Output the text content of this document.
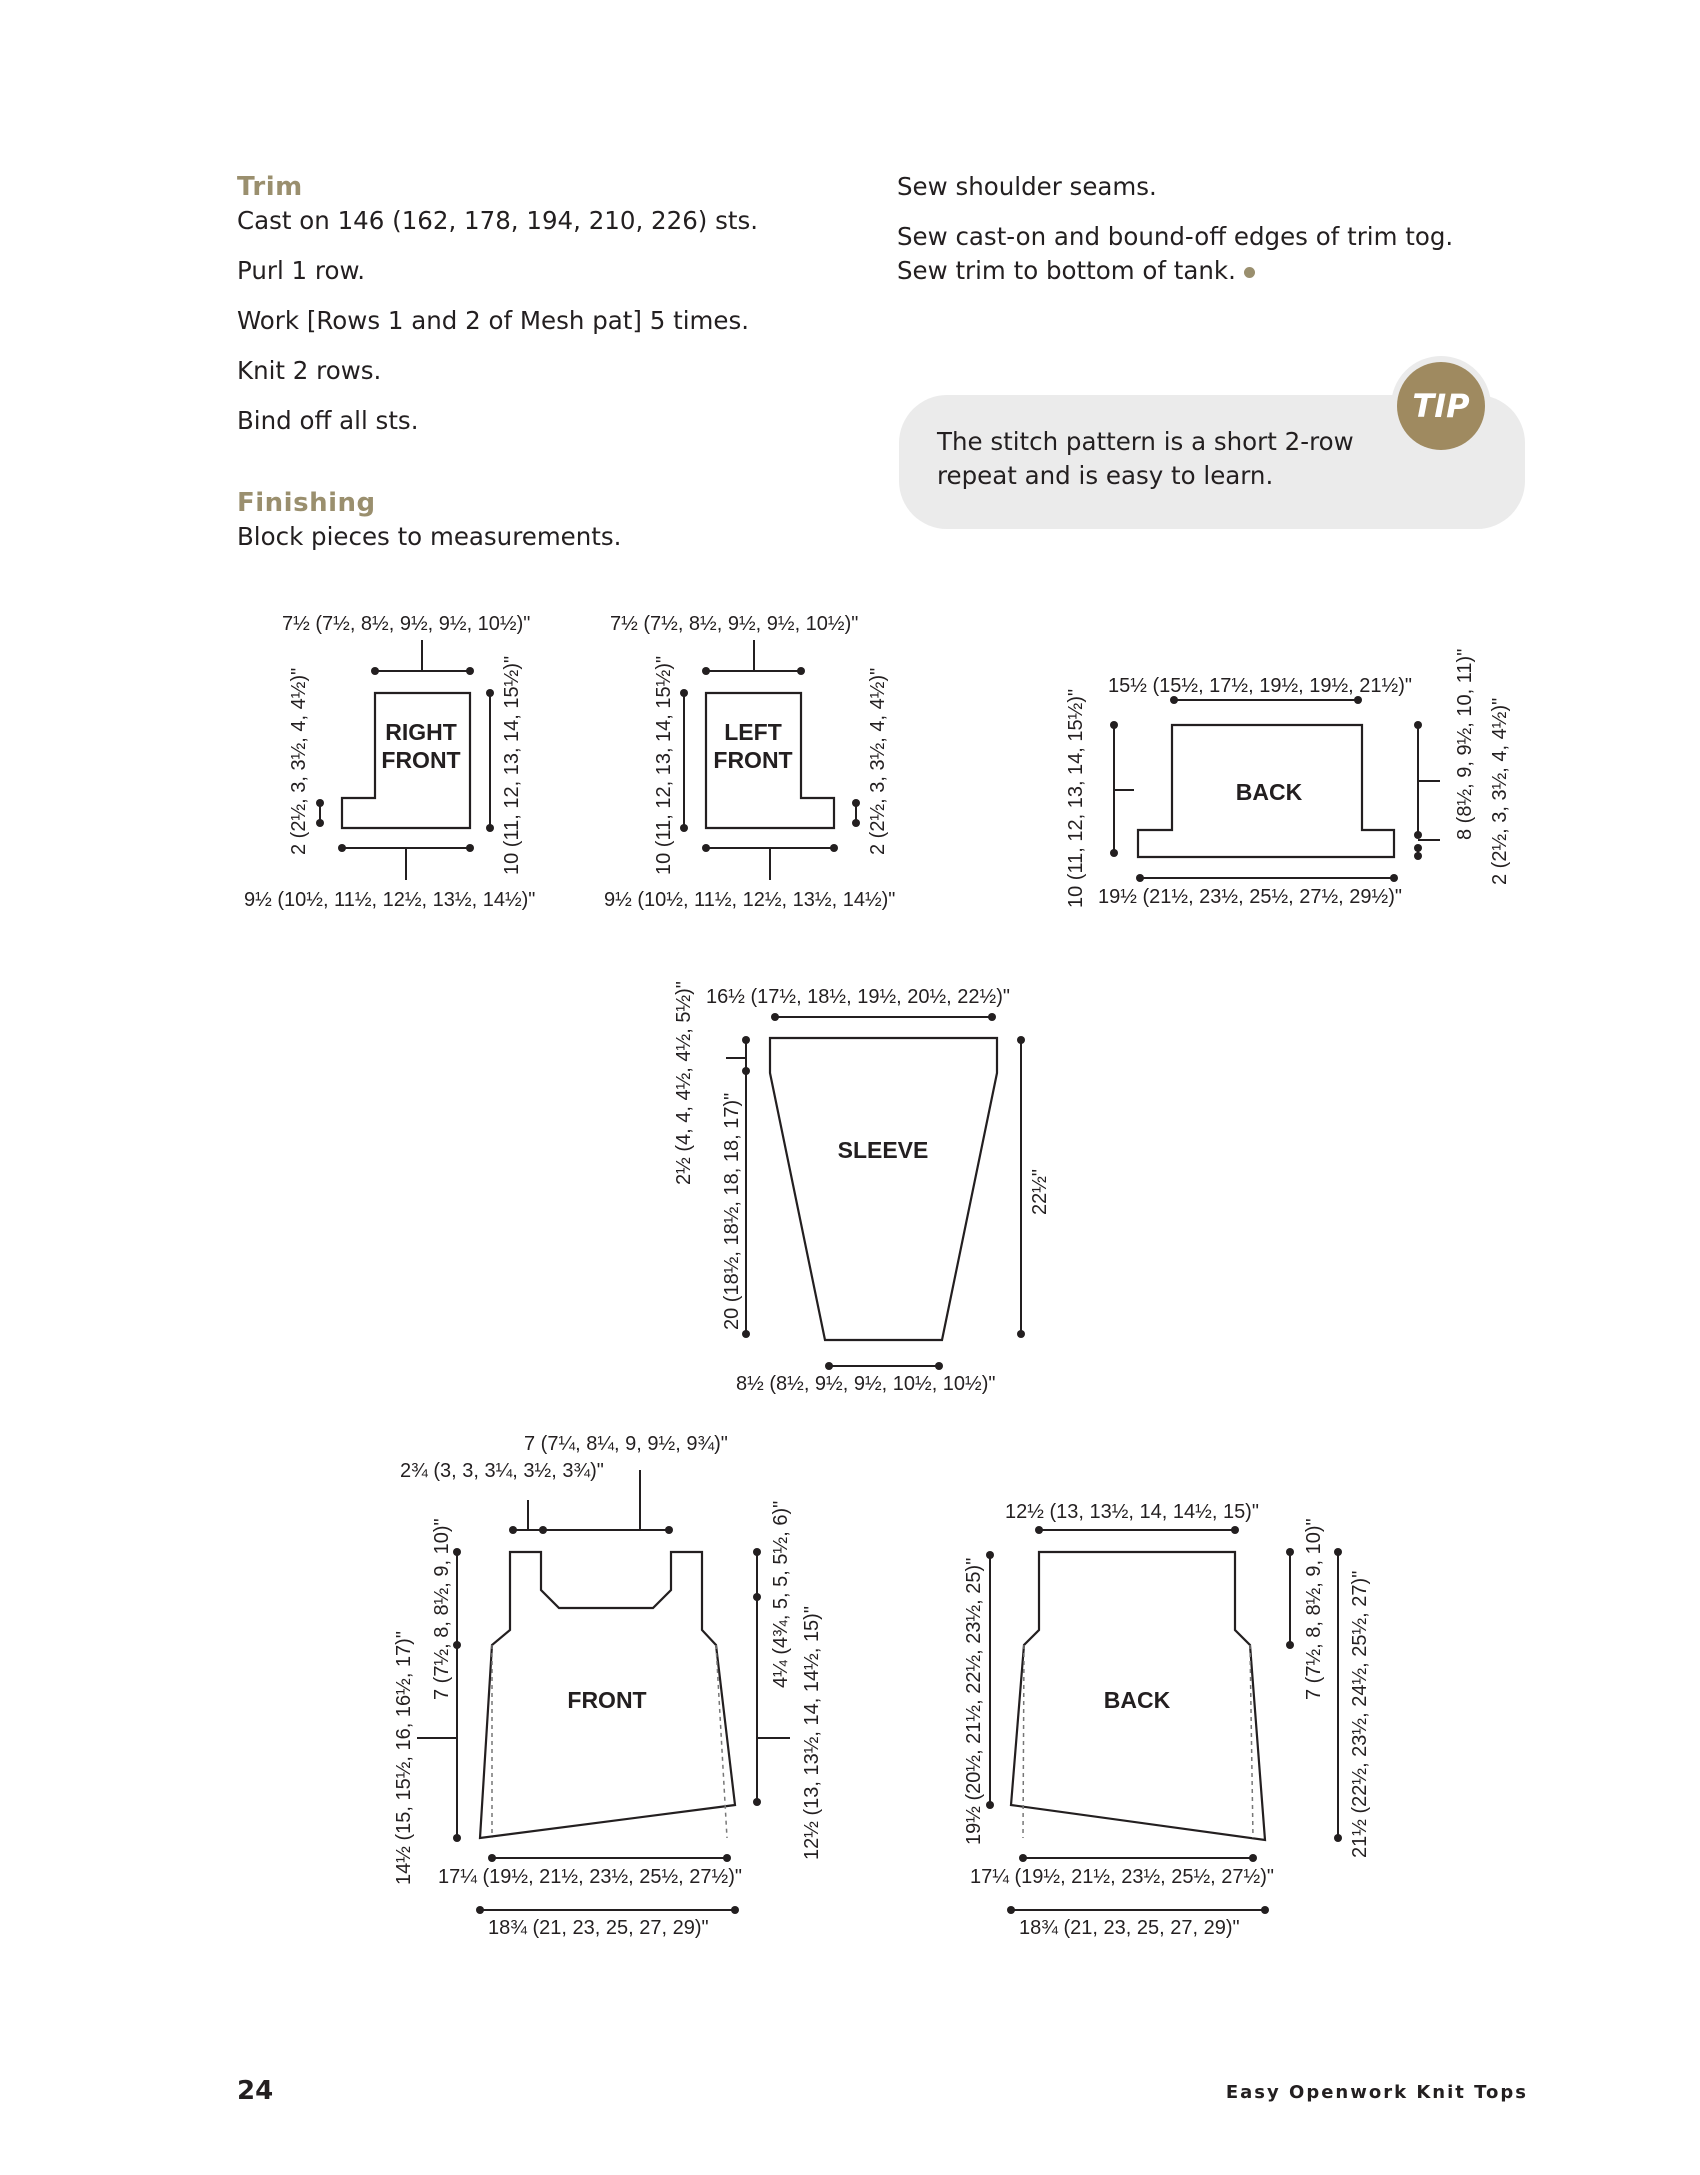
Trim

Cast on 146 (162, 178, 194, 210, 226) sts.

Purl 1 row.

Work [Rows 1 and 2 of Mesh pat] 5 times.

Knit 2 rows.

Bind off all sts.

Finishing

Block pieces to measurements.

Sew shoulder seams.

Sew cast-on and bound-off edges of trim tog.

Sew trim to bottom of tank.

The stitch pattern is a short 2-row repeat and is easy to learn.
TIP
RIGHT
FRONT
7½ (7½, 8½, 9½, 9½, 10½)"
9½ (10½, 11½, 12½, 13½, 14½)"
2 (2½, 3, 3½, 4, 4½)"	10 (11, 12, 13, 14, 15½)"	LEFT
FRONT
7½ (7½, 8½, 9½, 9½, 10½)"
9½ (10½, 11½, 12½, 13½, 14½)"
10 (11, 12, 13, 14, 15½)"	2 (2½, 3, 3½, 4, 4½)"	BACK
15½ (15½, 17½, 19½, 19½, 21½)"
19½ (21½, 23½, 25½, 27½, 29½)"
10 (11, 12, 13, 14, 15½)"	8 (8½, 9, 9½, 10, 11)" 2 (2½, 3, 3½, 4, 4½)"
SLEEVE
16½ (17½, 18½, 19½, 20½, 22½)"
8½ (8½, 9½, 9½, 10½, 10½)"
2½ (4, 4, 4½, 4½, 5½)"
20 (18½, 18½, 18, 18, 17)"	22½"
FRONT
7 (7¼, 8¼, 9, 9½, 9¾)"
2¾ (3, 3, 3¼, 3½, 3¾)"
7 (7½, 8, 8½, 9, 10)"
14½ (15, 15½, 16, 16½, 17)"
4¼ (4¾, 5, 5, 5½, 6)"
12½ (13, 13½, 14, 14½, 15)"
17¼ (19½, 21½, 23½, 25½, 27½)"
18¾ (21, 23, 25, 27, 29)"
BACK
12½ (13, 13½, 14, 14½, 15)"
19½ (20½, 21½, 22½, 23½, 25)"	7 (7½, 8, 8½, 9, 10)" 21½ (22½, 23½, 24½, 25½, 27)"
17¼ (19½, 21½, 23½, 25½, 27½)"
18¾ (21, 23, 25, 27, 29)"
24	Easy Openwork Knit Tops
